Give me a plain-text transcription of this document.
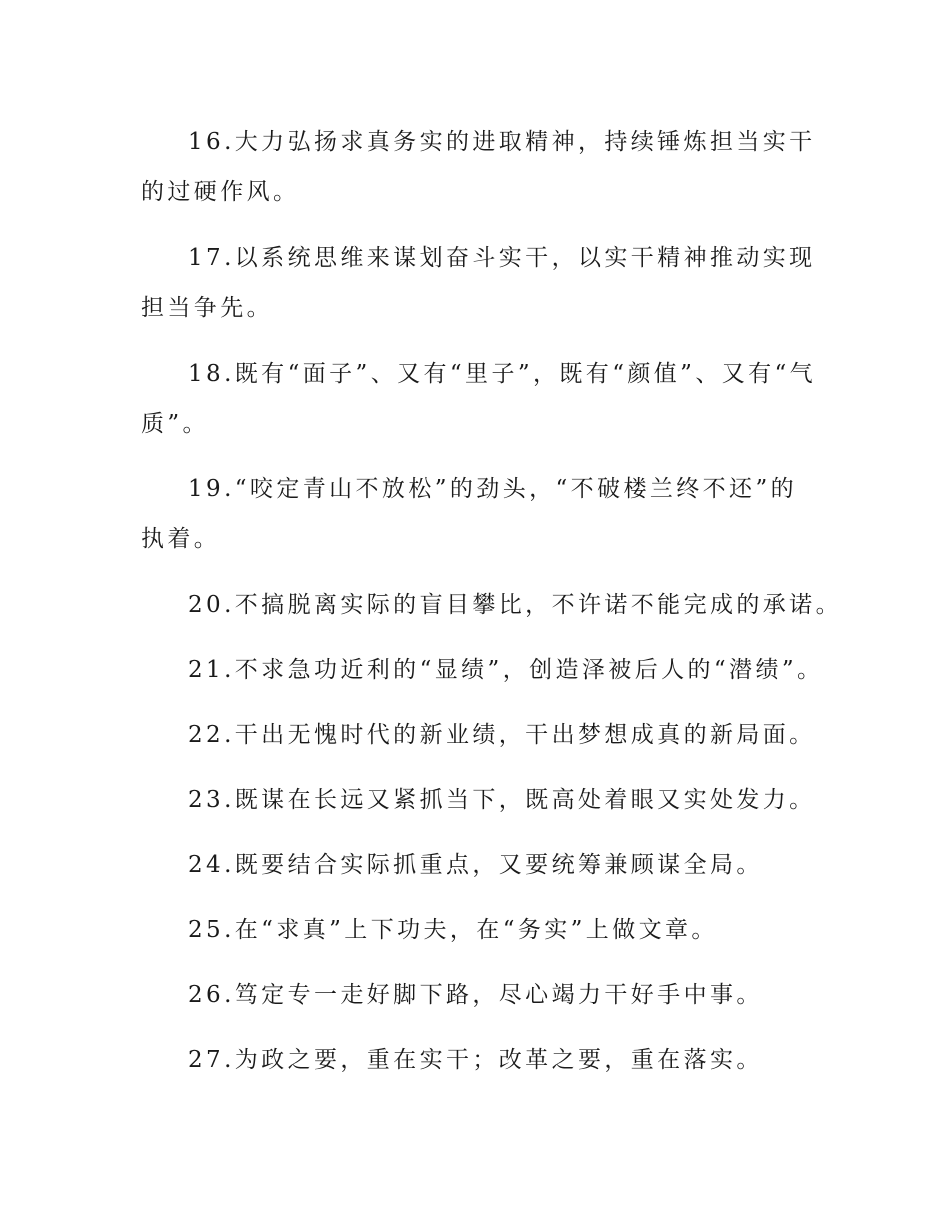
16.大力弘扬求真务实的进取精神，持续锤炼担当实干的过硬作风。

17.以系统思维来谋划奋斗实干，以实干精神推动实现担当争先。

18.既有“面子”、又有“里子”，既有“颜值”、又有“气质”。

19.“咬定青山不放松”的劲头，“不破楼兰终不还”的执着。

20.不搞脱离实际的盲目攀比，不许诺不能完成的承诺。

21.不求急功近利的“显绩”，创造泽被后人的“潜绩”。

22.干出无愧时代的新业绩，干出梦想成真的新局面。

23.既谋在长远又紧抓当下，既高处着眼又实处发力。

24.既要结合实际抓重点，又要统筹兼顾谋全局。

25.在“求真”上下功夫，在“务实”上做文章。

26.笃定专一走好脚下路，尽心竭力干好手中事。

27.为政之要，重在实干；改革之要，重在落实。
